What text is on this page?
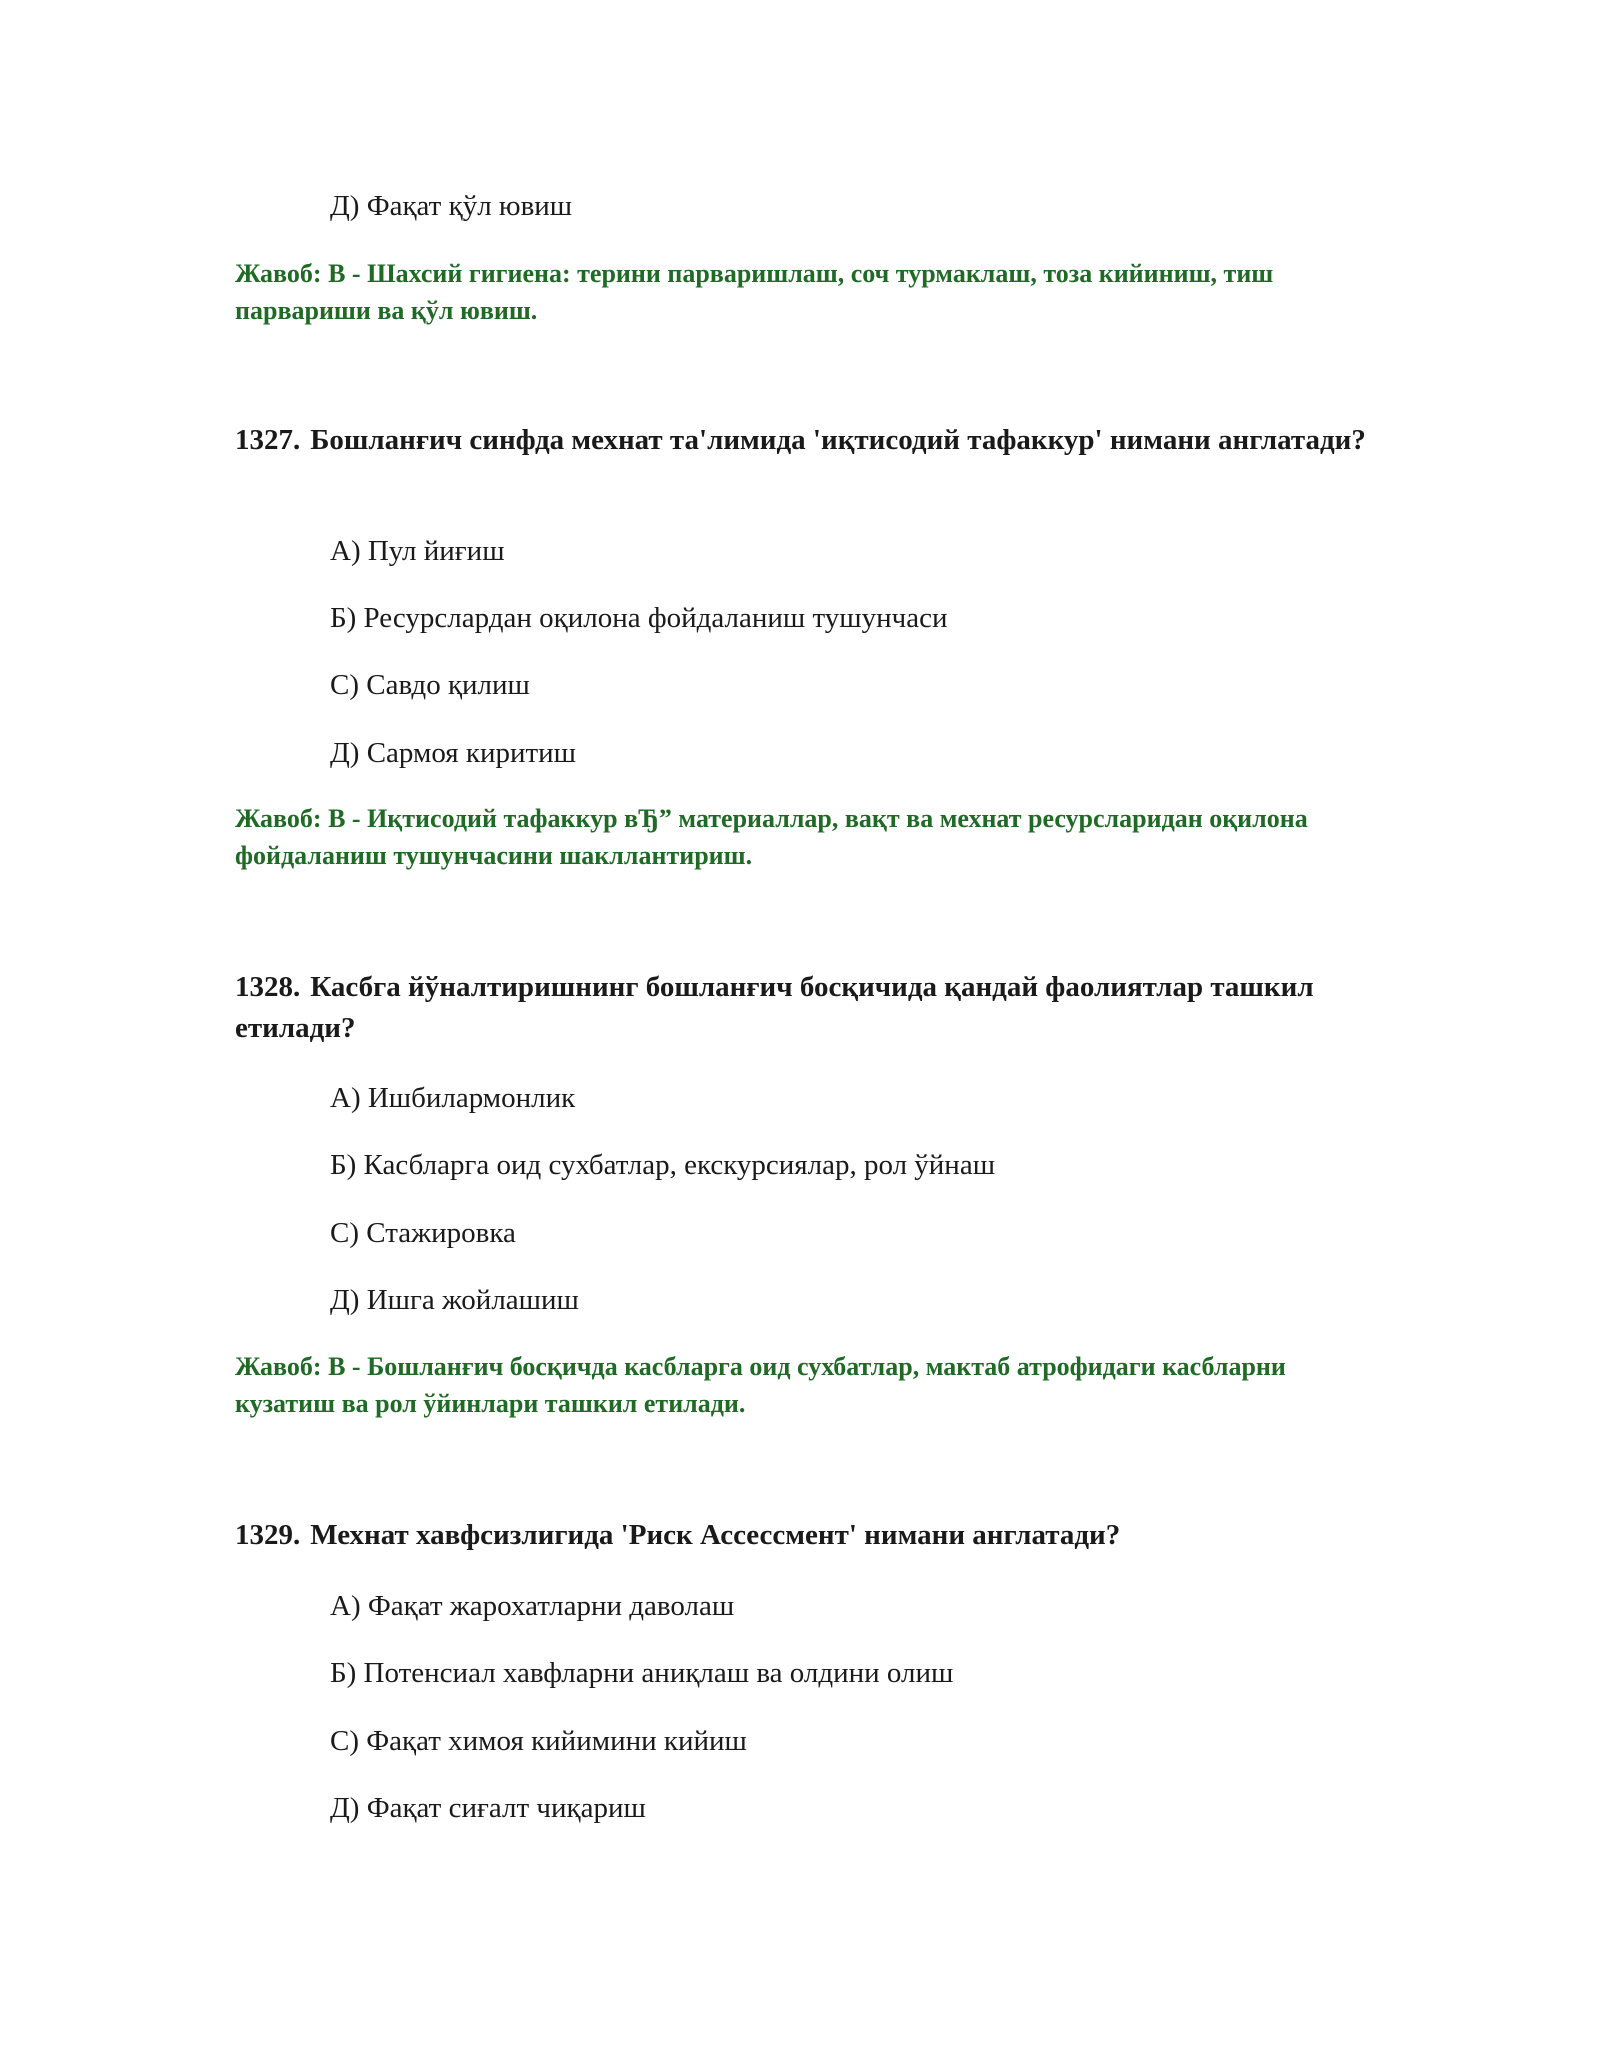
Д) Фақат қўл ювиш
Жавоб: В - Шахсий гигиена: терини парваришлаш, соч турмаклаш, тоза кийиниш, тиш парвариши ва қўл ювиш.
1327. Бошланғич синфда мехнат та'лимида 'иқтисодий тафаккур' нимани англатади?
А) Пул йиғиш
Б) Ресурслардан оқилона фойдаланиш тушунчаси
С) Савдо қилиш
Д) Сармоя киритиш
Жавоб: В - Иқтисодий тафаккур вЂ” материаллар, вақт ва мехнат ресурсларидан оқилона фойдаланиш тушунчасини шакллантириш.
1328. Касбга йўналтиришнинг бошланғич босқичида қандай фаолиятлар ташкил етилади?
А) Ишбилармонлик
Б) Касбларга оид сухбатлар, екскурсиялар, рол ўйнаш
С) Стажировка
Д) Ишга жойлашиш
Жавоб: В - Бошланғич босқичда касбларга оид сухбатлар, мактаб атрофидаги касбларни кузатиш ва рол ўйинлари ташкил етилади.
1329. Мехнат хавфсизлигида 'Риск Ассессмент' нимани англатади?
А) Фақат жарохатларни даволаш
Б) Потенсиал хавфларни аниқлаш ва олдини олиш
С) Фақат химоя кийимини кийиш
Д) Фақат сиғалт чиқариш
